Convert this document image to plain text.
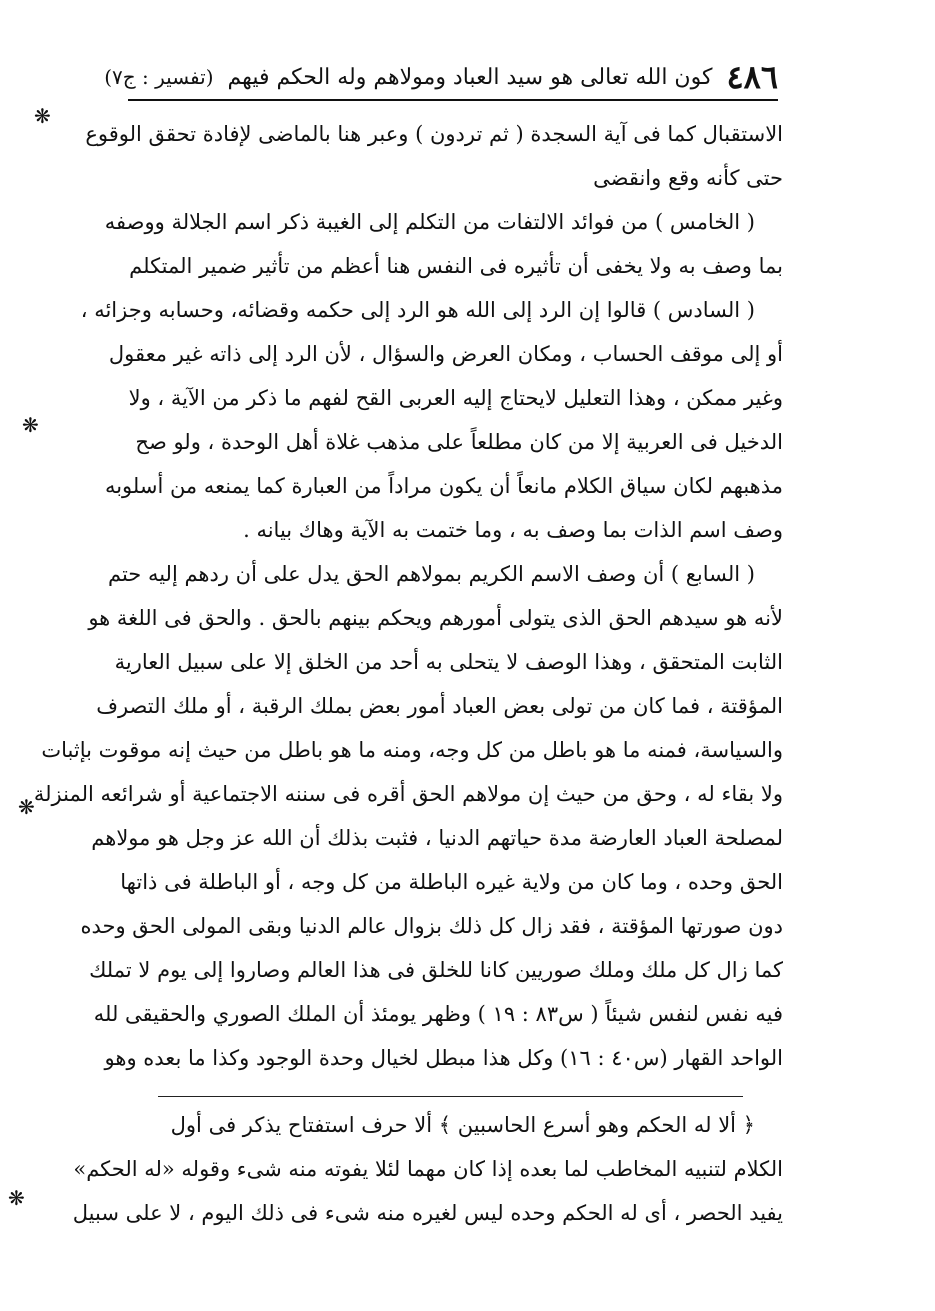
٤٨٦
كون الله تعالى هو سيد العباد ومولاهم وله الحكم فيهم
(تفسير : ج٧)
❋
❋
❋
❋
الاستقبال كما فى آية السجدة ( ثم تردون ) وعبر هنا بالماضى لإفادة تحقق الوقوع
حتى كأنه وقع وانقضى
( الخامس ) من فوائد الالتفات من التكلم إلى الغيبة ذكر اسم الجلالة ووصفه
بما وصف به ولا يخفى أن تأثيره فى النفس هنا أعظم من تأثير ضمير المتكلم
( السادس ) قالوا إن الرد إلى الله هو الرد إلى حكمه وقضائه، وحسابه وجزائه ،
أو إلى موقف الحساب ، ومكان العرض والسؤال ، لأن الرد إلى ذاته غير معقول
وغير ممكن ، وهذا التعليل لايحتاج إليه العربى القح لفهم ما ذكر من الآية ، ولا
الدخيل فى العربية إلا من كان مطلعاً على مذهب غلاة أهل الوحدة ، ولو صح
مذهبهم لكان سياق الكلام مانعاً أن يكون مراداً من العبارة كما يمنعه من أسلوبه
وصف اسم الذات بما وصف به ، وما ختمت به الآية وهاك بيانه .
( السابع ) أن وصف الاسم الكريم بمولاهم الحق يدل على أن ردهم إليه حتم
لأنه هو سيدهم الحق الذى يتولى أمورهم ويحكم بينهم بالحق . والحق فى اللغة هو
الثابت المتحقق ، وهذا الوصف لا يتحلى به أحد من الخلق إلا على سبيل العارية
المؤقتة ، فما كان من تولى بعض العباد أمور بعض بملك الرقبة ، أو ملك التصرف
والسياسة، فمنه ما هو باطل من كل وجه، ومنه ما هو باطل من حيث إنه موقوت بإثبات
ولا بقاء له ، وحق من حيث إن مولاهم الحق أقره فى سننه الاجتماعية أو شرائعه المنزلة
لمصلحة العباد العارضة مدة حياتهم الدنيا ، فثبت بذلك أن الله عز وجل هو مولاهم
الحق وحده ، وما كان من ولاية غيره الباطلة من كل وجه ، أو الباطلة فى ذاتها
دون صورتها المؤقتة ، فقد زال كل ذلك بزوال عالم الدنيا وبقى المولى الحق وحده
كما زال كل ملك وملك صوريين كانا للخلق فى هذا العالم وصاروا إلى يوم لا تملك
فيه نفس لنفس شيئاً ( س٨٣ : ١٩ ) وظهر يومئذ أن الملك الصوري والحقيقى لله
الواحد القهار (س٤٠ : ١٦) وكل هذا مبطل لخيال وحدة الوجود وكذا ما بعده وهو
﴿ ألا له الحكم وهو أسرع الحاسبين ﴾ ألا حرف استفتاح يذكر فى أول
الكلام لتنبيه المخاطب لما بعده إذا كان مهما لئلا يفوته منه شىء وقوله «له الحكم»
يفيد الحصر ، أى له الحكم وحده ليس لغيره منه شىء فى ذلك اليوم ، لا على سبيل
